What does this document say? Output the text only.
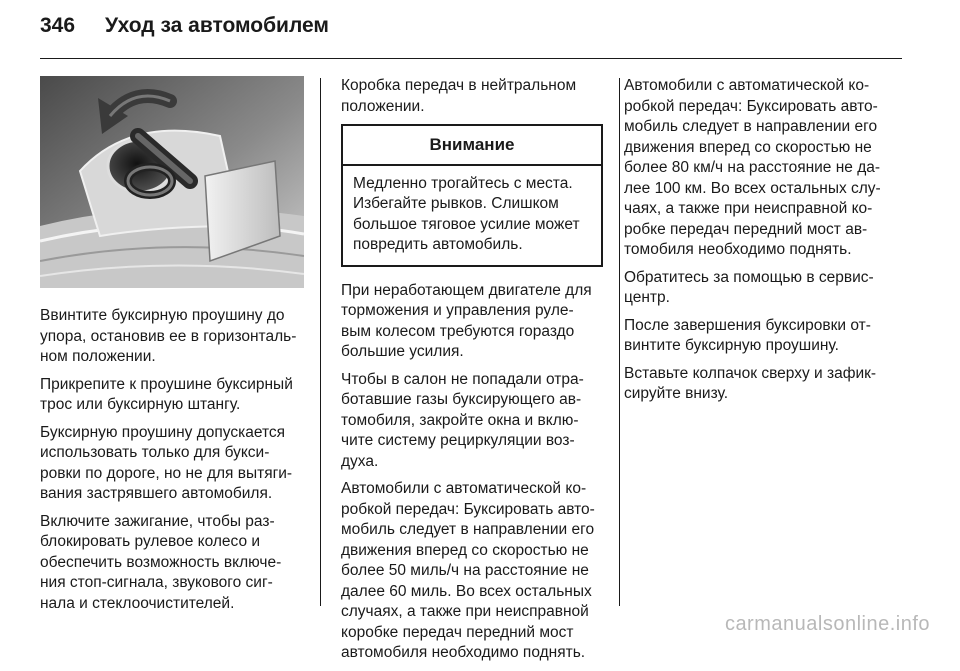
346 Уход за автомобилем

Ввинтите буксирную проушину до
упора, остановив ее в горизонталь-
ном положении.

Прикрепите к проушине буксирный
трос или буксирную штангу.

Буксирную проушину допускается
использовать только для букси-
ровки по дороге, но не для вытяги-
вания застрявшего автомобиля.

Включите зажигание, чтобы раз-
блокировать рулевое колесо и
обеспечить возможность включе-
ния стоп-сигнала, звукового сиг-
нала и стеклоочистителей.

Коробка передач в нейтральном
положении.

Внимание
Медленно трогайтесь с места.
Избегайте рывков. Слишком
большое тяговое усилие может
повредить автомобиль.

При неработающем двигателе для
торможения и управления руле-
вым колесом требуются гораздо
большие усилия.

Чтобы в салон не попадали отра-
ботавшие газы буксирующего ав-
томобиля, закройте окна и вклю-
чите систему рециркуляции воз-
духа.

Автомобили с автоматической ко-
робкой передач: Буксировать авто-
мобиль следует в направлении его
движения вперед со скоростью не
более 50 миль/ч на расстояние не
далее 60 миль. Во всех остальных
случаях, а также при неисправной
коробке передач передний мост
автомобиля необходимо поднять.

Автомобили с автоматической ко-
робкой передач: Буксировать авто-
мобиль следует в направлении его
движения вперед со скоростью не
более 80 км/ч на расстояние не да-
лее 100 км. Во всех остальных слу-
чаях, а также при неисправной ко-
робке передач передний мост ав-
томобиля необходимо поднять.

Обратитесь за помощью в сервис-
центр.

После завершения буксировки от-
винтите буксирную проушину.

Вставьте колпачок сверху и зафик-
сируйте внизу.

carmanualsonline.info
